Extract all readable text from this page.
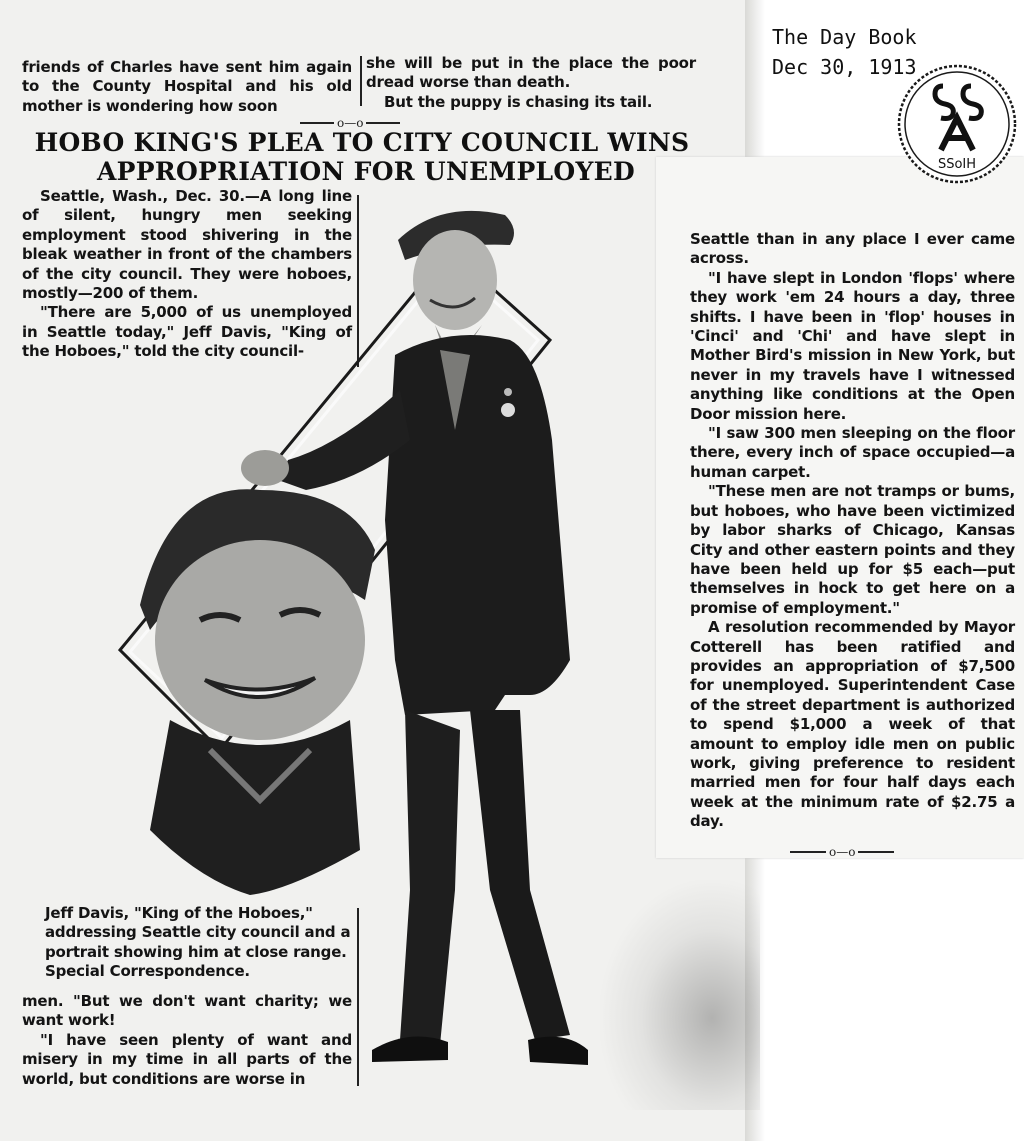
friends of Charles have sent him again to the County Hospital and his old mother is wondering how soon

she will be put in the place the poor dread worse than death.

But the puppy is chasing its tail.

o—o
HOBO KING'S PLEA TO CITY COUNCIL WINS
APPROPRIATION FOR UNEMPLOYED

Seattle, Wash., Dec. 30.—A long line of silent, hungry men seeking employment stood shivering in the bleak weather in front of the chambers of the city council. They were hoboes, mostly—200 of them.

"There are 5,000 of us unemployed in Seattle today," Jeff Davis, "King of the Hoboes," told the city council-

Jeff Davis, "King of the Hoboes," addressing Seattle city council and a portrait showing him at close range. Special Correspondence.

men. "But we don't want charity; we want work!

"I have seen plenty of want and misery in my time in all parts of the world, but conditions are worse in

Seattle than in any place I ever came across.

"I have slept in London 'flops' where they work 'em 24 hours a day, three shifts. I have been in 'flop' houses in 'Cinci' and 'Chi' and have slept in Mother Bird's mission in New York, but never in my travels have I witnessed anything like conditions at the Open Door mission here.

"I saw 300 men sleeping on the floor there, every inch of space occupied—a human carpet.

"These men are not tramps or bums, but hoboes, who have been victimized by labor sharks of Chicago, Kansas City and other eastern points and they have been held up for $5 each—put themselves in hock to get here on a promise of employment."

A resolution recommended by Mayor Cotterell has been ratified and provides an appropriation of $7,500 for unemployed. Superintendent Case of the street department is authorized to spend $1,000 a week of that amount to employ idle men on public work, giving preference to resident married men for four half days each week at the minimum rate of $2.75 a day.

o—o
The Day Book
Dec 30, 1913
SSoIH
